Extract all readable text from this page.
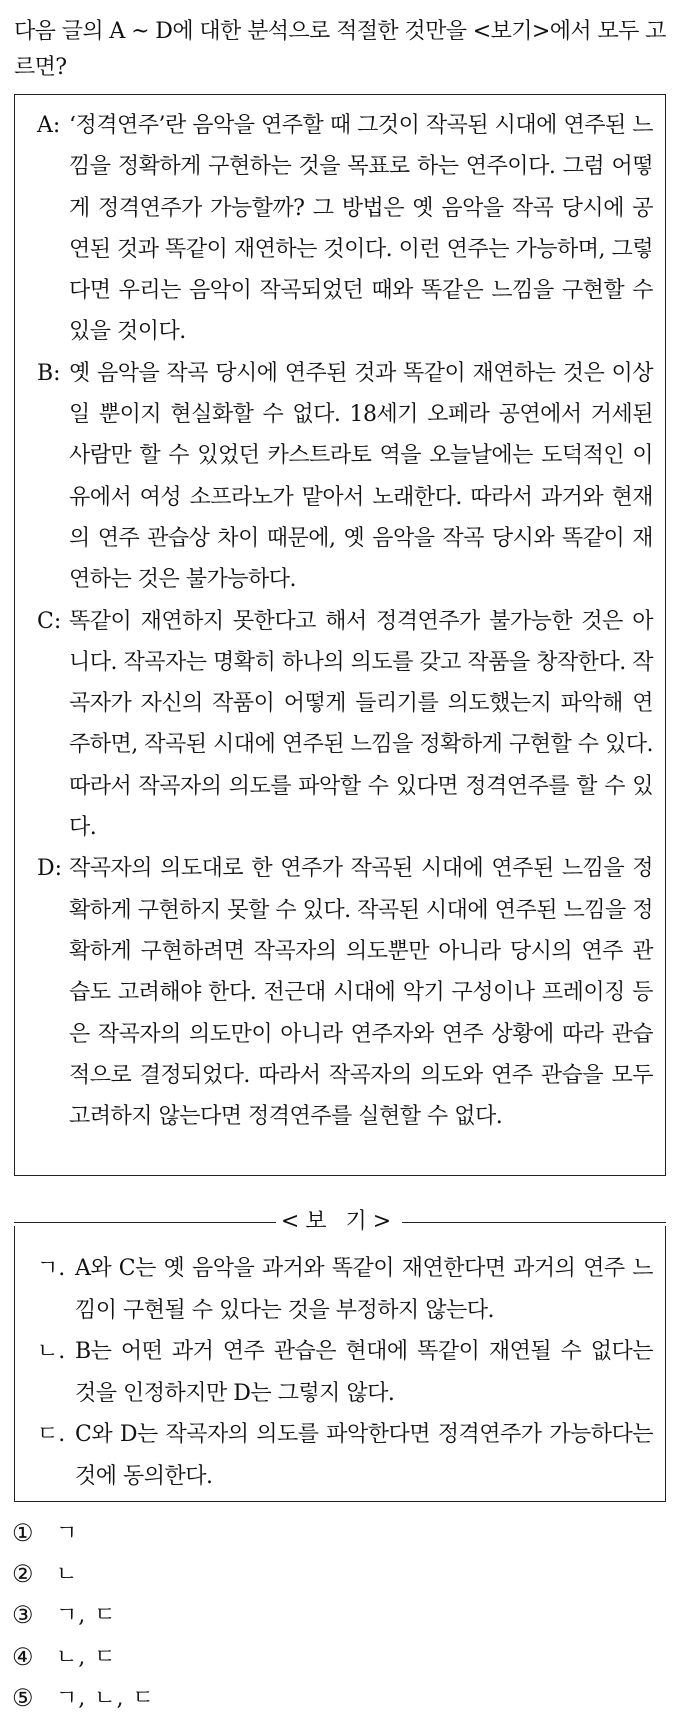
다음 글의 A ~ D에 대한 분석으로 적절한 것만을 <보기>에서 모두 고르면?
A: ‘정격연주’란 음악을 연주할 때 그것이 작곡된 시대에 연주된 느낌을 정확하게 구현하는 것을 목표로 하는 연주이다. 그럼 어떻게 정격연주가 가능할까? 그 방법은 옛 음악을 작곡 당시에 공연된 것과 똑같이 재연하는 것이다. 이런 연주는 가능하며, 그렇다면 우리는 음악이 작곡되었던 때와 똑같은 느낌을 구현할 수 있을 것이다.
B: 옛 음악을 작곡 당시에 연주된 것과 똑같이 재연하는 것은 이상일 뿐이지 현실화할 수 없다. 18세기 오페라 공연에서 거세된 사람만 할 수 있었던 카스트라토 역을 오늘날에는 도덕적인 이유에서 여성 소프라노가 맡아서 노래한다. 따라서 과거와 현재의 연주 관습상 차이 때문에, 옛 음악을 작곡 당시와 똑같이 재연하는 것은 불가능하다.
C: 똑같이 재연하지 못한다고 해서 정격연주가 불가능한 것은 아니다. 작곡자는 명확히 하나의 의도를 갖고 작품을 창작한다. 작곡자가 자신의 작품이 어떻게 들리기를 의도했는지 파악해 연주하면, 작곡된 시대에 연주된 느낌을 정확하게 구현할 수 있다. 따라서 작곡자의 의도를 파악할 수 있다면 정격연주를 할 수 있다.
D: 작곡자의 의도대로 한 연주가 작곡된 시대에 연주된 느낌을 정확하게 구현하지 못할 수 있다. 작곡된 시대에 연주된 느낌을 정확하게 구현하려면 작곡자의 의도뿐만 아니라 당시의 연주 관습도 고려해야 한다. 전근대 시대에 악기 구성이나 프레이징 등은 작곡자의 의도만이 아니라 연주자와 연주 상황에 따라 관습적으로 결정되었다. 따라서 작곡자의 의도와 연주 관습을 모두 고려하지 않는다면 정격연주를 실현할 수 없다.
<보 기>
ㄱ. A와 C는 옛 음악을 과거와 똑같이 재연한다면 과거의 연주 느낌이 구현될 수 있다는 것을 부정하지 않는다.
ㄴ. B는 어떤 과거 연주 관습은 현대에 똑같이 재연될 수 없다는 것을 인정하지만 D는 그렇지 않다.
ㄷ. C와 D는 작곡자의 의도를 파악한다면 정격연주가 가능하다는 것에 동의한다.
①	ㄱ
②	ㄴ
③	ㄱ, ㄷ
④	ㄴ, ㄷ
⑤	ㄱ, ㄴ, ㄷ
